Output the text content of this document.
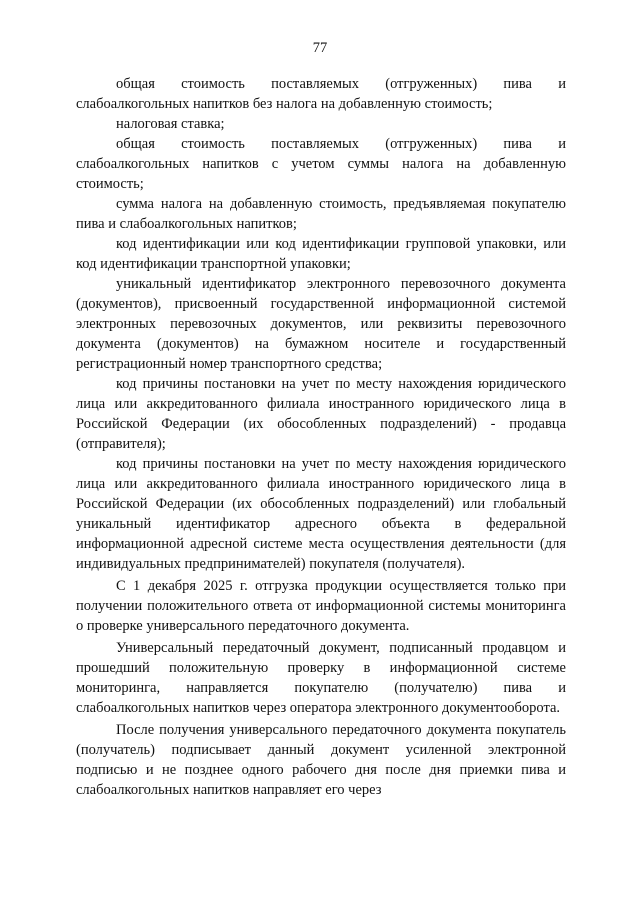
77

общая стоимость поставляемых (отгруженных) пива и слабоалкогольных напитков без налога на добавленную стоимость;

налоговая ставка;

общая стоимость поставляемых (отгруженных) пива и слабоалкогольных напитков с учетом суммы налога на добавленную стоимость;

сумма налога на добавленную стоимость, предъявляемая покупателю пива и слабоалкогольных напитков;

код идентификации или код идентификации групповой упаковки, или код идентификации транспортной упаковки;

уникальный идентификатор электронного перевозочного документа (документов), присвоенный государственной информационной системой электронных перевозочных документов, или реквизиты перевозочного документа (документов) на бумажном носителе и государственный регистрационный номер транспортного средства;

код причины постановки на учет по месту нахождения юридического лица или аккредитованного филиала иностранного юридического лица в Российской Федерации (их обособленных подразделений) - продавца (отправителя);

код причины постановки на учет по месту нахождения юридического лица или аккредитованного филиала иностранного юридического лица в Российской Федерации (их обособленных подразделений) или глобальный уникальный идентификатор адресного объекта в федеральной информационной адресной системе места осуществления деятельности (для индивидуальных предпринимателей) покупателя (получателя).

С 1 декабря 2025 г. отгрузка продукции осуществляется только при получении положительного ответа от информационной системы мониторинга о проверке универсального передаточного документа.

Универсальный передаточный документ, подписанный продавцом и прошедший положительную проверку в информационной системе мониторинга, направляется покупателю (получателю) пива и слабоалкогольных напитков через оператора электронного документооборота.

После получения универсального передаточного документа покупатель (получатель) подписывает данный документ усиленной электронной подписью и не позднее одного рабочего дня после дня приемки пива и слабоалкогольных напитков направляет его через
